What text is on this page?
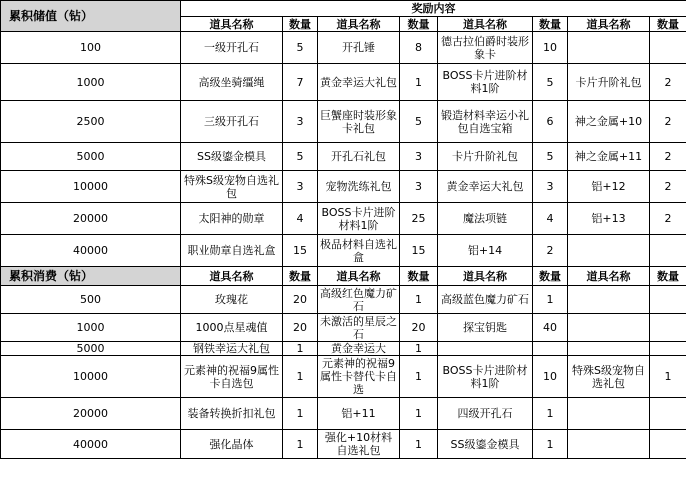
累积储值（钻）	奖励内容							
	道具名称	数量	道具名称	数量	道具名称	数量	道具名称	数量
100	一级开孔石	5	开孔锤	8	德古拉伯爵时装形象卡	10		
1000	高级坐骑缰绳	7	黄金幸运大礼包	1	BOSS卡片进阶材料1阶	5	卡片升阶礼包	2
2500	三级开孔石	3	巨蟹座时装形象卡礼包	5	锻造材料幸运小礼包自选宝箱	6	神之金属+10	2
5000	SS级鎏金模具	5	开孔石礼包	3	卡片升阶礼包	5	神之金属+11	2
10000	特殊S级宠物自选礼包	3	宠物洗练礼包	3	黄金幸运大礼包	3	铝+12	2
20000	太阳神的勋章	4	BOSS卡片进阶材料1阶	25	魔法项链	4	铝+13	2
40000	职业勋章自选礼盒	15	极品材料自选礼盒	15	铝+14	2		

累积消费（钻）	道具名称	数量	道具名称	数量	道具名称	数量	道具名称	数量
500	玫瑰花	20	高级红色魔力矿石	1	高级蓝色魔力矿石	1		
1000	1000点星魂值	20	未激活的星辰之石	20	探宝钥匙	40		
5000	钢铁幸运大礼包	1	黄金幸运大	1				
10000	元素神的祝福9属性卡自选包	1	元素神的祝福9属性卡替代卡自选	1	BOSS卡片进阶材料1阶	10	特殊S级宠物自选礼包	1
20000	装备转换折扣礼包	1	铝+11	1	四级开孔石	1		
40000	强化晶体	1	强化+10材料自选礼包	1	SS级鎏金模具	1		
